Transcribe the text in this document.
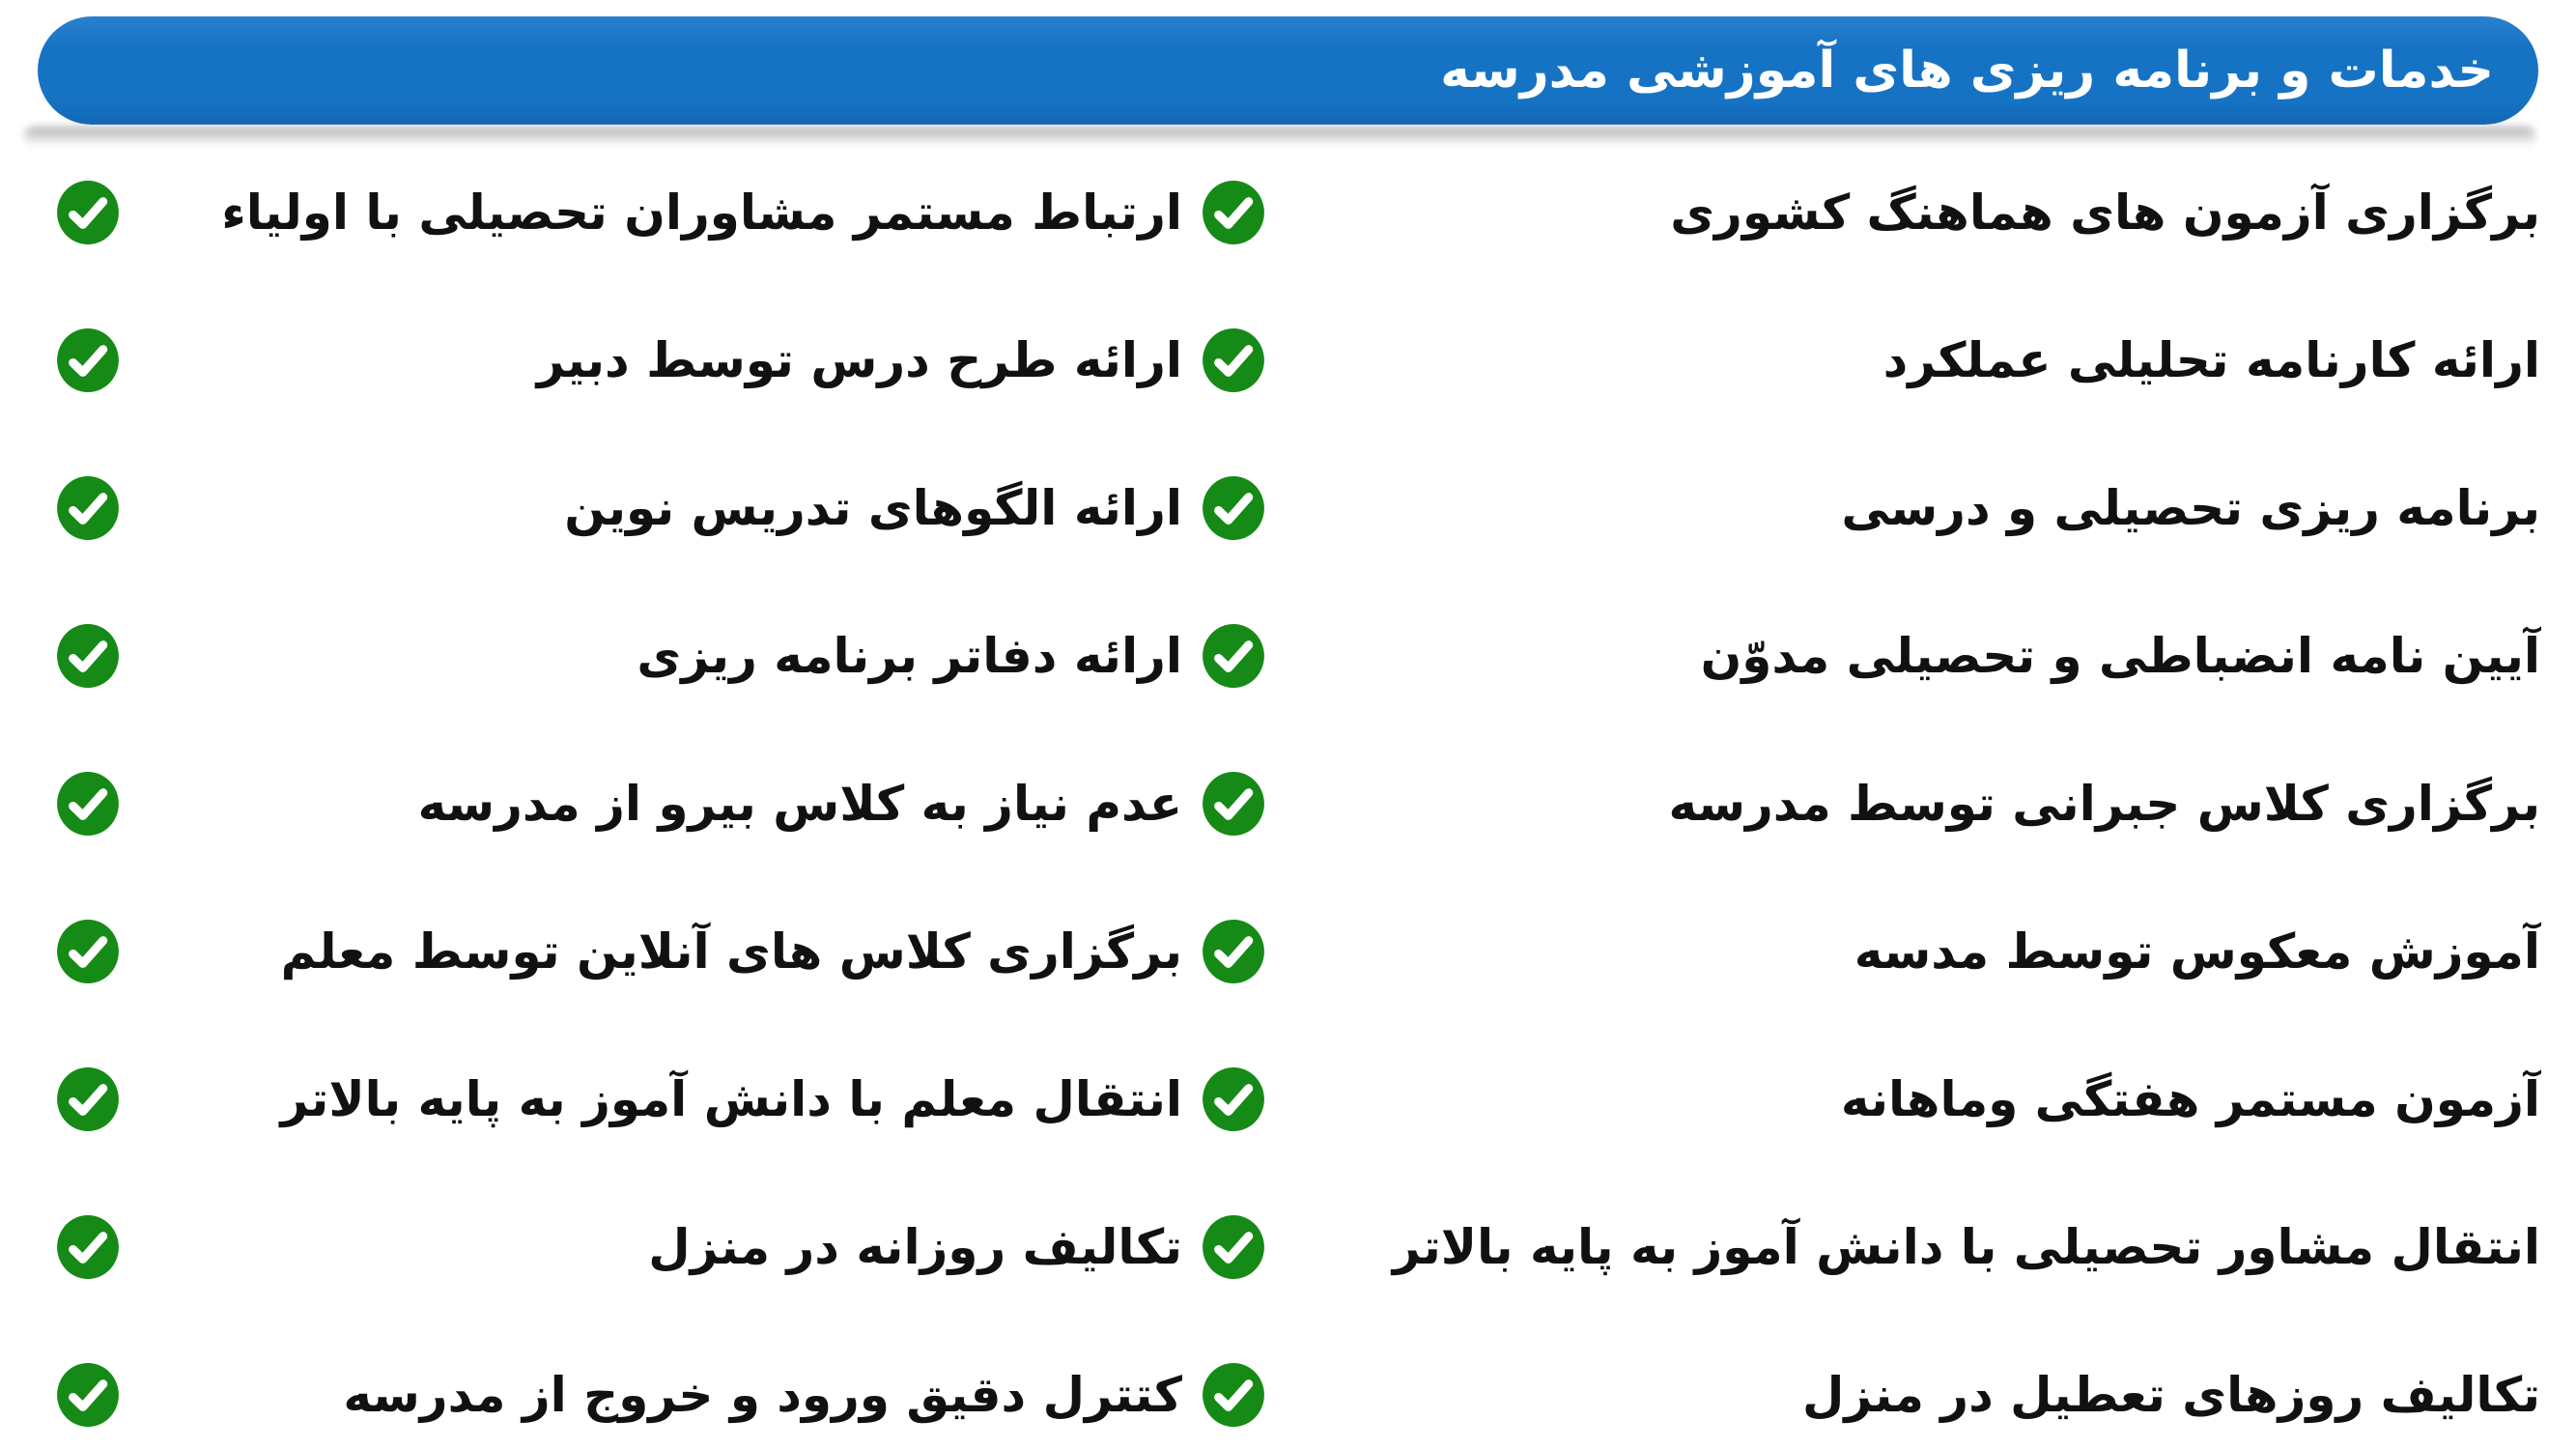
خدمات و برنامه ریزی های آموزشی مدرسه
برگزاری آزمون های هماهنگ کشوری
ارتباط مستمر مشاوران تحصیلی با اولیاء
ارائه کارنامه تحلیلی عملکرد
ارائه طرح درس توسط دبیر
برنامه ریزی تحصیلی و درسی
ارائه الگوهای تدریس نوین
آیین نامه انضباطی و تحصیلی مدوّن
ارائه دفاتر برنامه ریزی
برگزاری کلاس جبرانی توسط مدرسه
عدم نیاز به کلاس بیرو از مدرسه
آموزش معکوس توسط مدسه
برگزاری کلاس های آنلاین توسط معلم
آزمون مستمر هفتگی وماهانه
انتقال معلم با دانش آموز به پایه بالاتر
انتقال مشاور تحصیلی با دانش آموز به پایه بالاتر
تکالیف روزانه در منزل
تکالیف روزهای تعطیل در منزل
کتترل دقیق ورود و خروج از مدرسه
